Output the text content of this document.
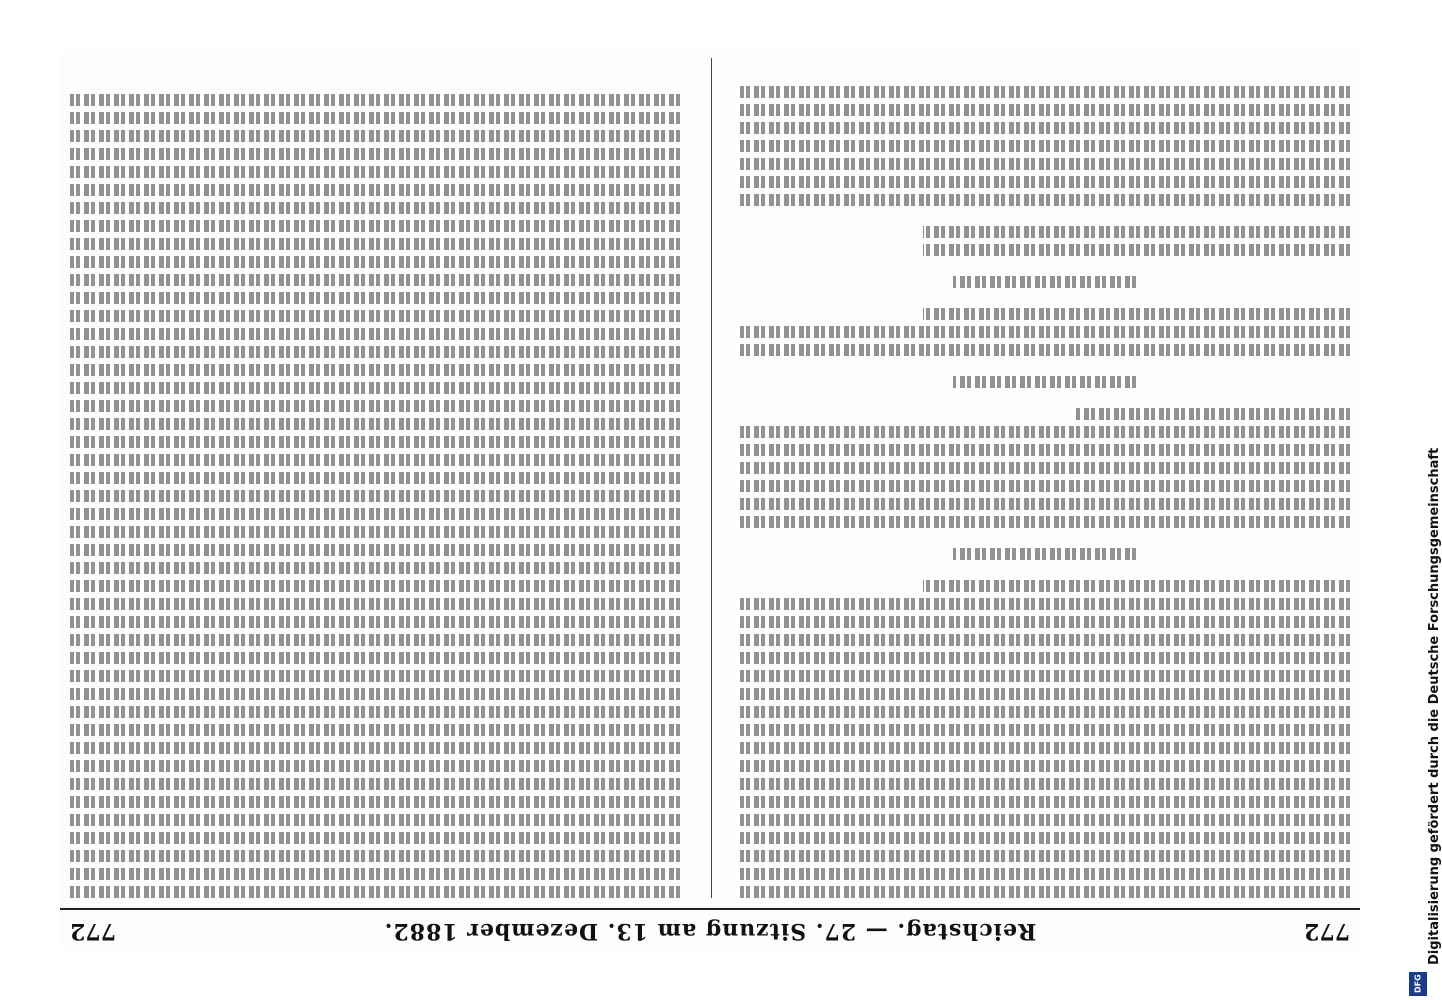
772
Reichstag. — 27. Sitzung am 13. Dezember 1882.
772	Digitalisierung gefördert durch die Deutsche Forschungsgemeinschaft
DFG
